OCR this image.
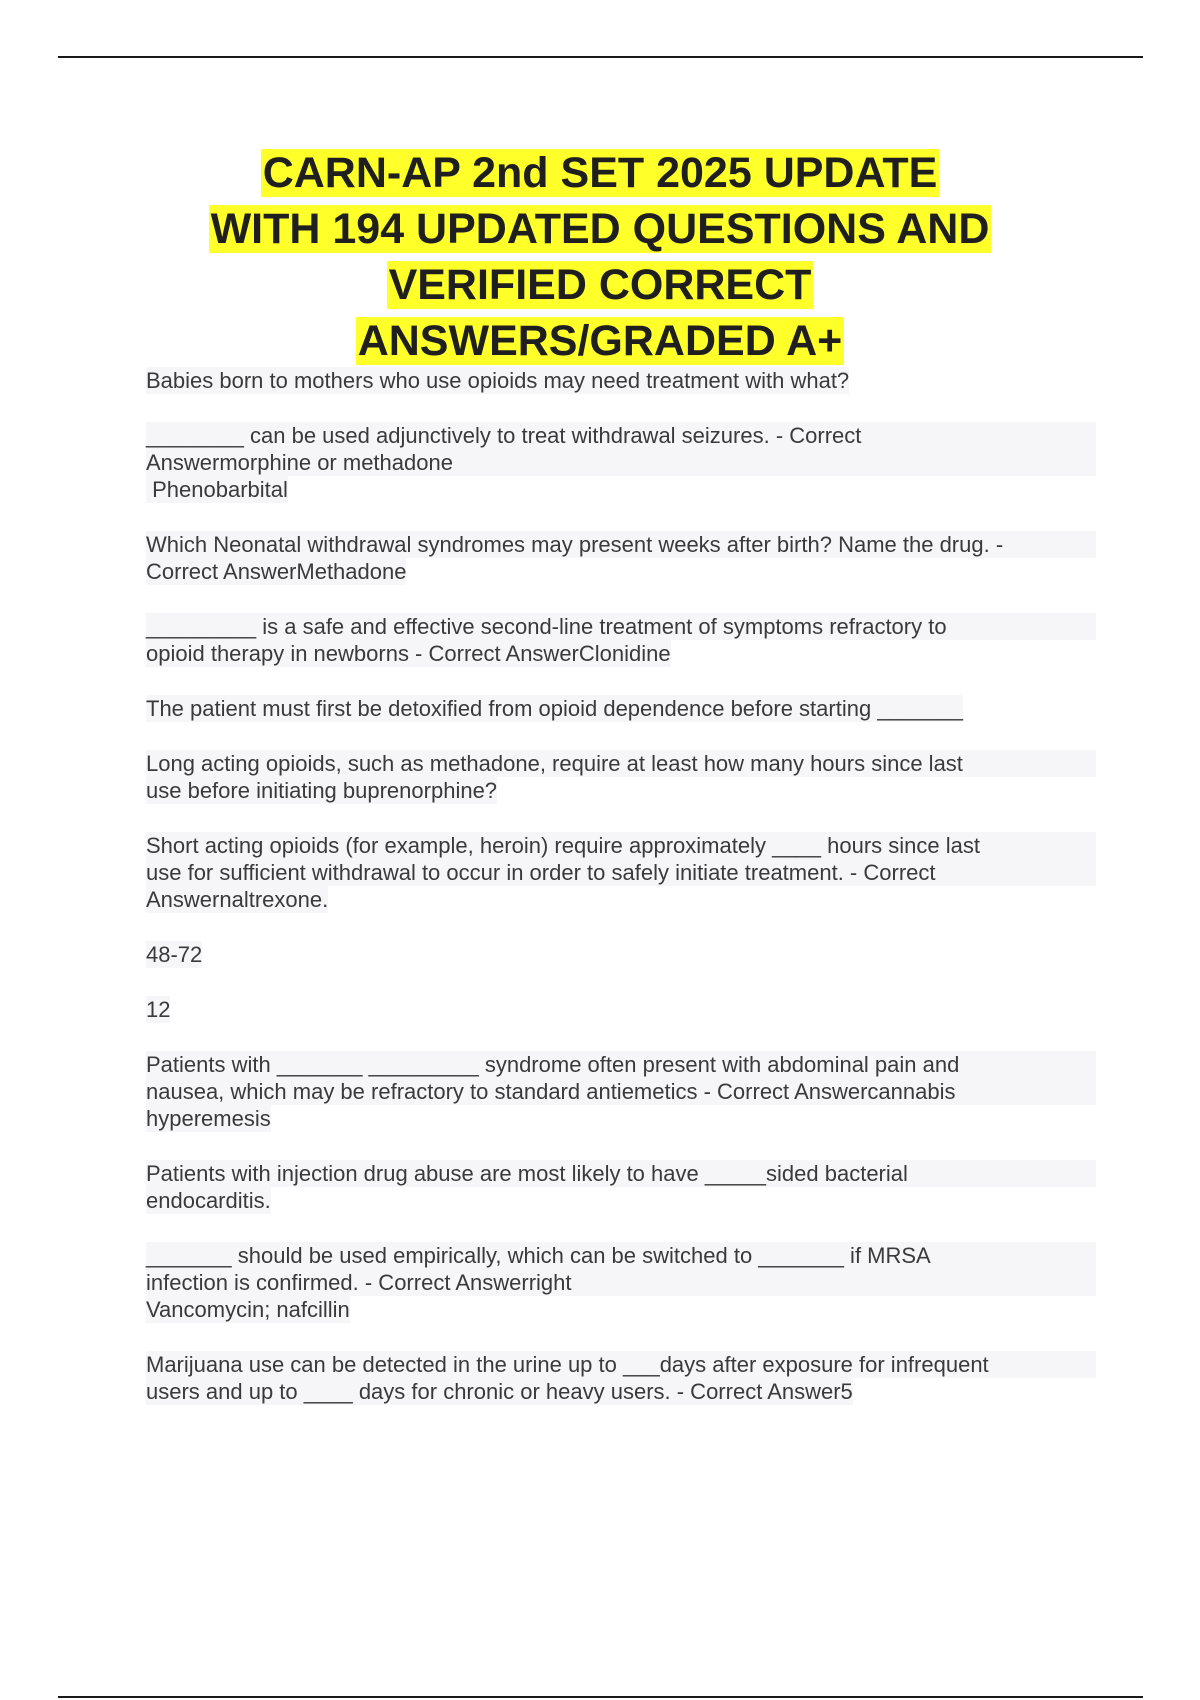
CARN-AP 2nd SET 2025 UPDATE
WITH 194 UPDATED QUESTIONS AND
VERIFIED CORRECT
ANSWERS/GRADED A+

Babies born to mothers who use opioids may need treatment with what?

________ can be used adjunctively to treat withdrawal seizures. - Correct
Answermorphine or methadone
Phenobarbital

Which Neonatal withdrawal syndromes may present weeks after birth? Name the drug. -
Correct AnswerMethadone

_________ is a safe and effective second-line treatment of symptoms refractory to
opioid therapy in newborns - Correct AnswerClonidine

The patient must first be detoxified from opioid dependence before starting _______

Long acting opioids, such as methadone, require at least how many hours since last
use before initiating buprenorphine?

Short acting opioids (for example, heroin) require approximately ____ hours since last
use for sufficient withdrawal to occur in order to safely initiate treatment. - Correct
Answernaltrexone.

48-72

12

Patients with _______ _________ syndrome often present with abdominal pain and
nausea, which may be refractory to standard antiemetics - Correct Answercannabis
hyperemesis

Patients with injection drug abuse are most likely to have _____sided bacterial
endocarditis.

_______ should be used empirically, which can be switched to _______ if MRSA
infection is confirmed. - Correct Answerright
Vancomycin; nafcillin

Marijuana use can be detected in the urine up to ___days after exposure for infrequent
users and up to ____ days for chronic or heavy users. - Correct Answer5
